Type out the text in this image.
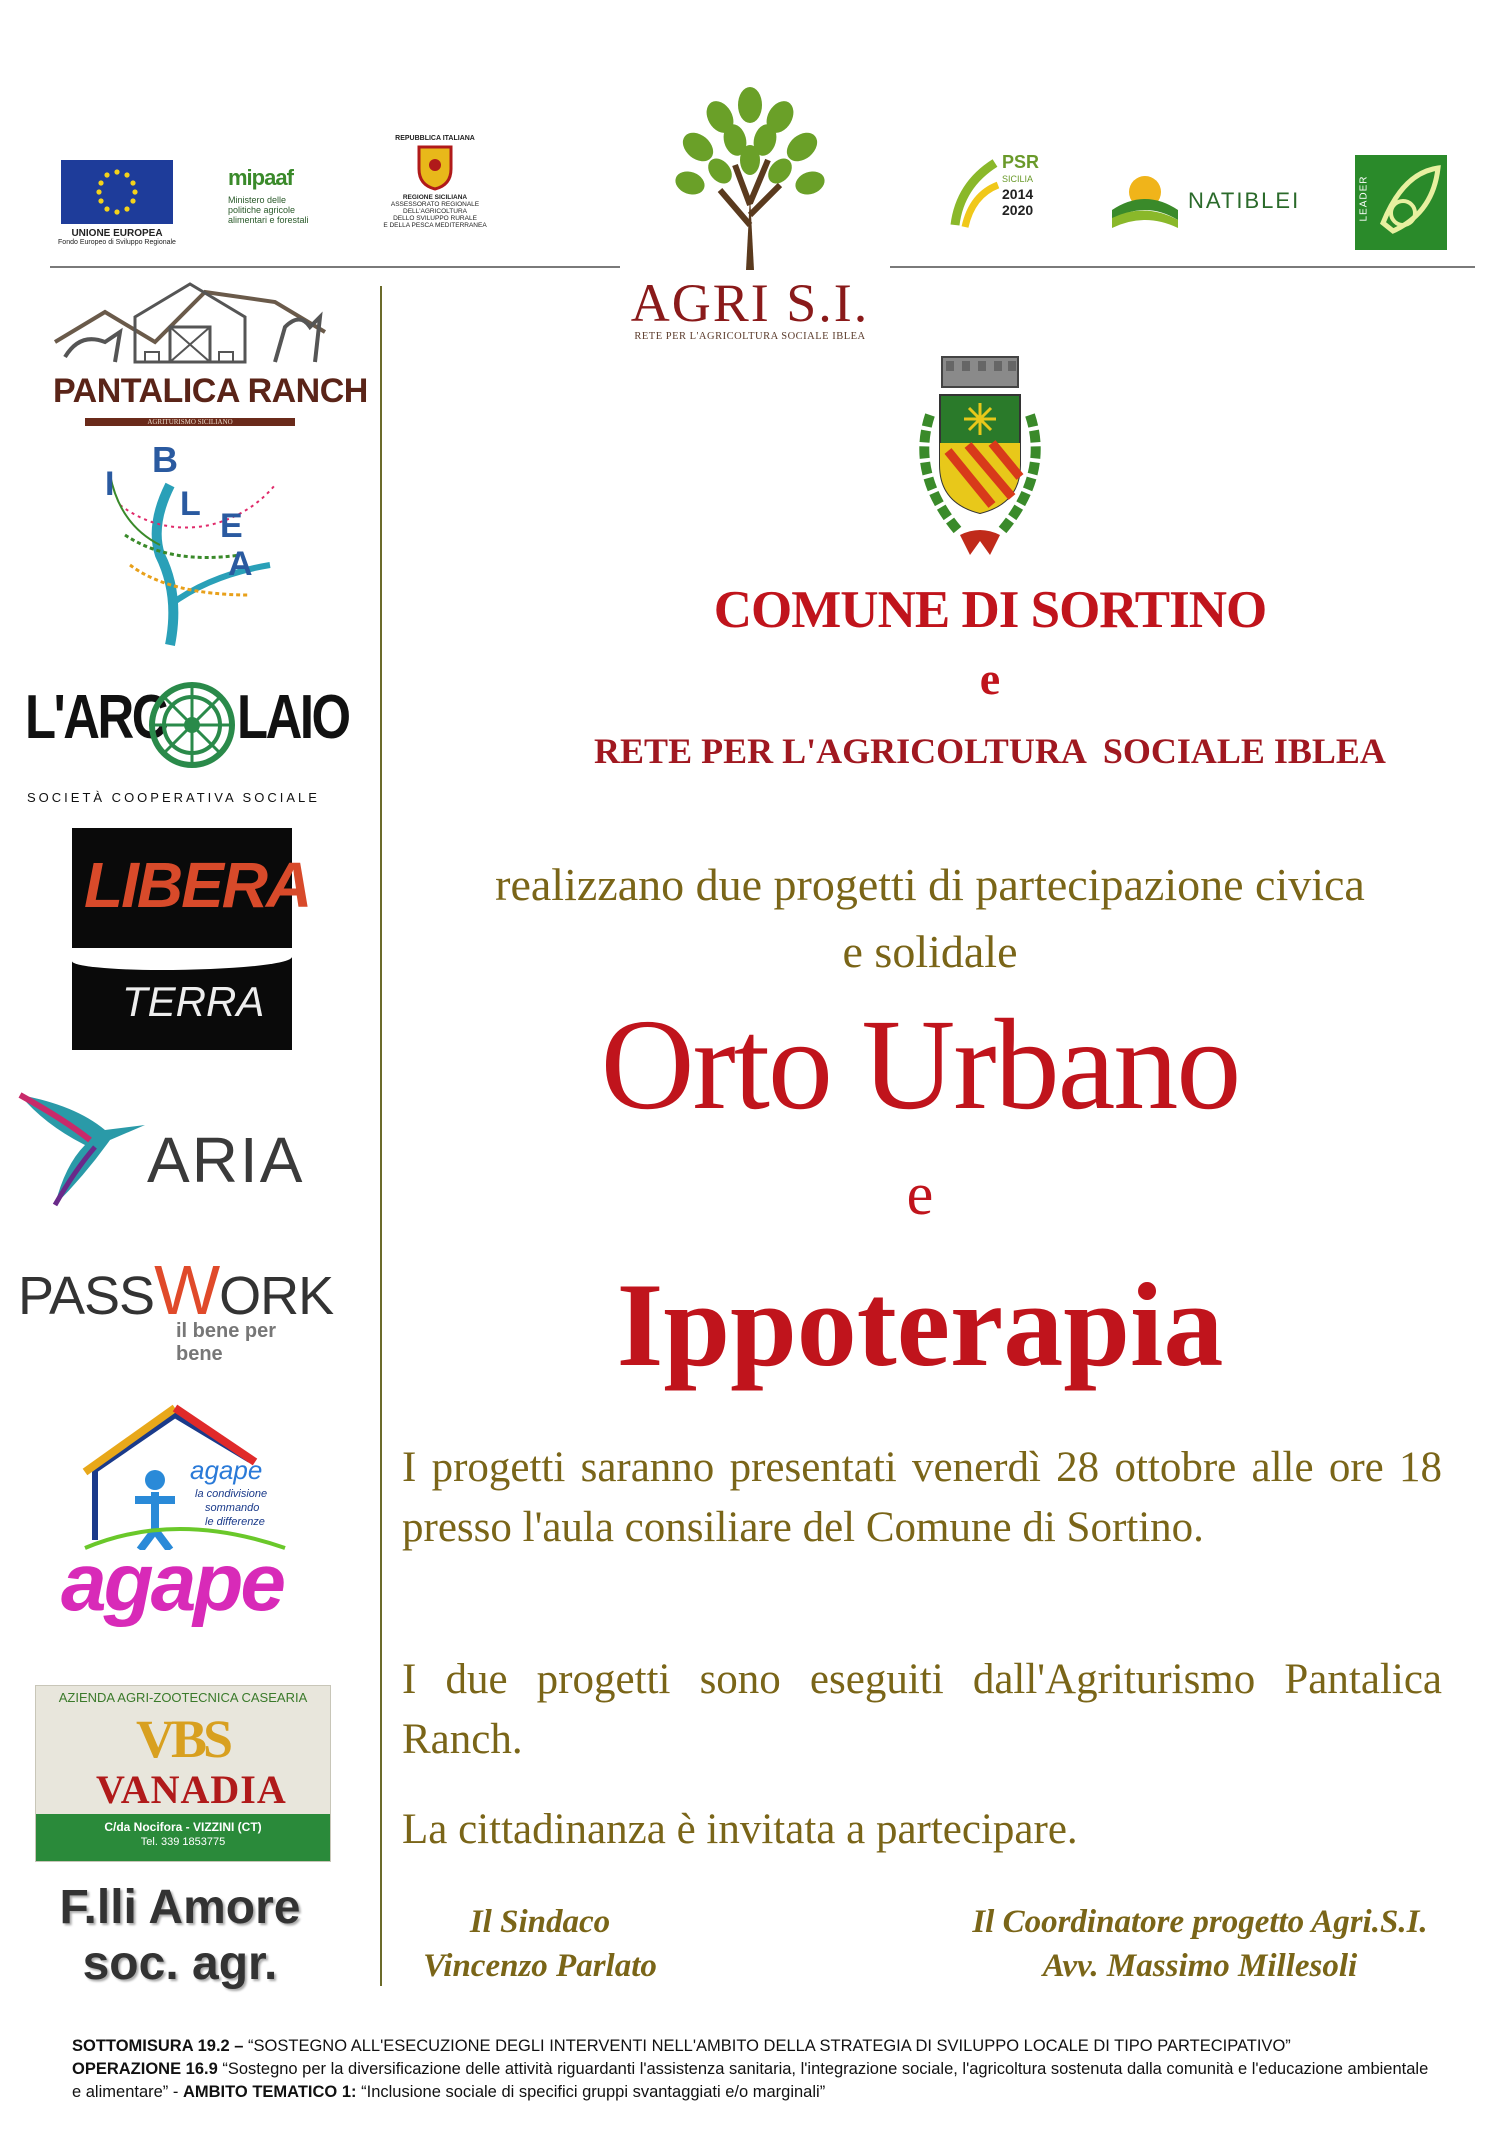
UNIONE EUROPEA
Fondo Europeo di Sviluppo Regionale
mipaaf
Ministero delle
politiche agricole
alimentari e forestali
REPUBBLICA ITALIANA
REGIONE SICILIANA
ASSESSORATO REGIONALE
DELL'AGRICOLTURA
DELLO SVILUPPO RURALE
E DELLA PESCA MEDITERRANEA
AGRI S.I.
RETE PER L'AGRICOLTURA SOCIALE IBLEA
PSR
SICILIA
2014
2020	NATIBLEI	LEADER
PANTALICA RANCH
AGRITURISMO SICILIANO
I
B
L
E
A
L'ARC LAIO
SOCIETÀ COOPERATIVA SOCIALE
LIBERA
TERRA
ARIA
PASSWORK
il bene per bene
agape
la condivisione
sommando
le differenze
agape
AZIENDA AGRI-ZOOTECNICA CASEARIA
VBS
VANADIA
C/da Nocifora - VIZZINI (CT)
Tel. 339 1853775
F.lli Amore
soc. agr.
COMUNE DI SORTINO
e
RETE PER L'AGRICOLTURA  SOCIALE IBLEA
realizzano due progetti di partecipazione civica
e solidale
Orto Urbano
e
Ippoterapia
I progetti saranno presentati venerdì 28 ottobre alle ore 18 presso l'aula consiliare del Comune di Sortino.
I due progetti sono eseguiti dall'Agriturismo Pantalica Ranch.
La cittadinanza è invitata a partecipare.
Il Sindaco
Vincenzo Parlato
Il Coordinatore progetto Agri.S.I.
Avv. Massimo Millesoli
SOTTOMISURA 19.2 – “SOSTEGNO ALL'ESECUZIONE DEGLI INTERVENTI NELL'AMBITO DELLA STRATEGIA DI SVILUPPO LOCALE DI TIPO PARTECIPATIVO”
OPERAZIONE 16.9 “Sostegno per la diversificazione delle attività riguardanti l'assistenza sanitaria, l'integrazione sociale, l'agricoltura sostenuta dalla comunità e l'educazione ambientale e alimentare” - AMBITO TEMATICO 1: “Inclusione sociale di specifici gruppi svantaggiati e/o marginali”
